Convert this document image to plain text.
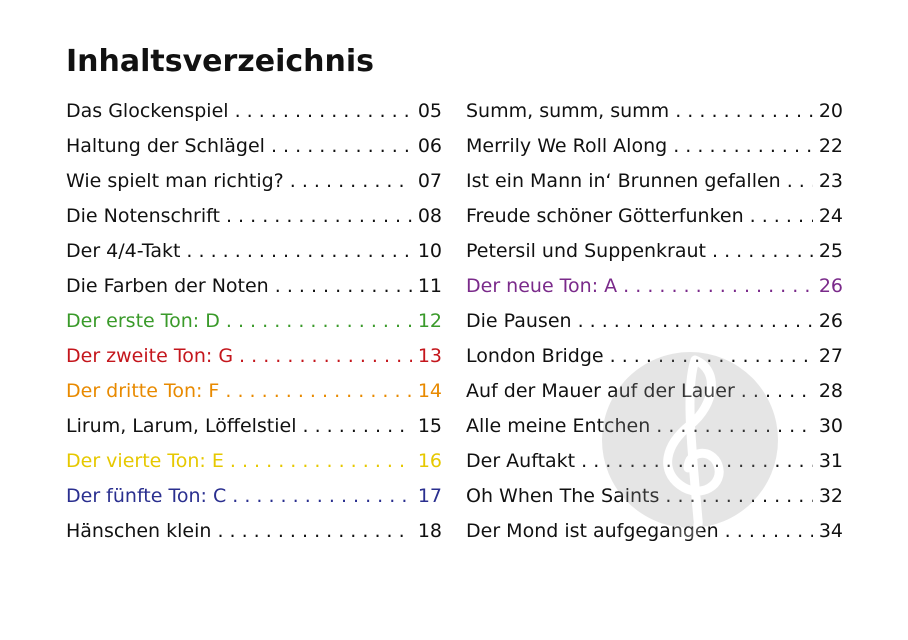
Inhaltsverzeichnis
Das Glockenspiel . . .	05
Haltung der Schlägel . . .	06
Wie spielt man richtig? . . .	07
Die Notenschrift . . .	08
Der 4/4-Takt . . .	10
Die Farben der Noten . . .	11
Der erste Ton: D . . .	12
Der zweite Ton: G . . .	13
Der dritte Ton: F . . .	14
Lirum, Larum, Löffelstiel . . .	15
Der vierte Ton: E . . .	16
Der fünfte Ton: C . . .	17
Hänschen klein . . .	18
Summ, summ, summ . . .	20
Merrily We Roll Along . . .	22
Ist ein Mann in‘ Brunnen gefallen . . . 23
Freude schöner Götterfunken . . .	24
Petersil und Suppenkraut . . .	25
Der neue Ton: A . . .	26
Die Pausen . . .	26
London Bridge . . .	27
Auf der Mauer auf der Lauer . . .	28
Alle meine Entchen . . .	30
Der Auftakt . . .	31
Oh When The Saints . . .	32
Der Mond ist aufgegangen . . .	34
